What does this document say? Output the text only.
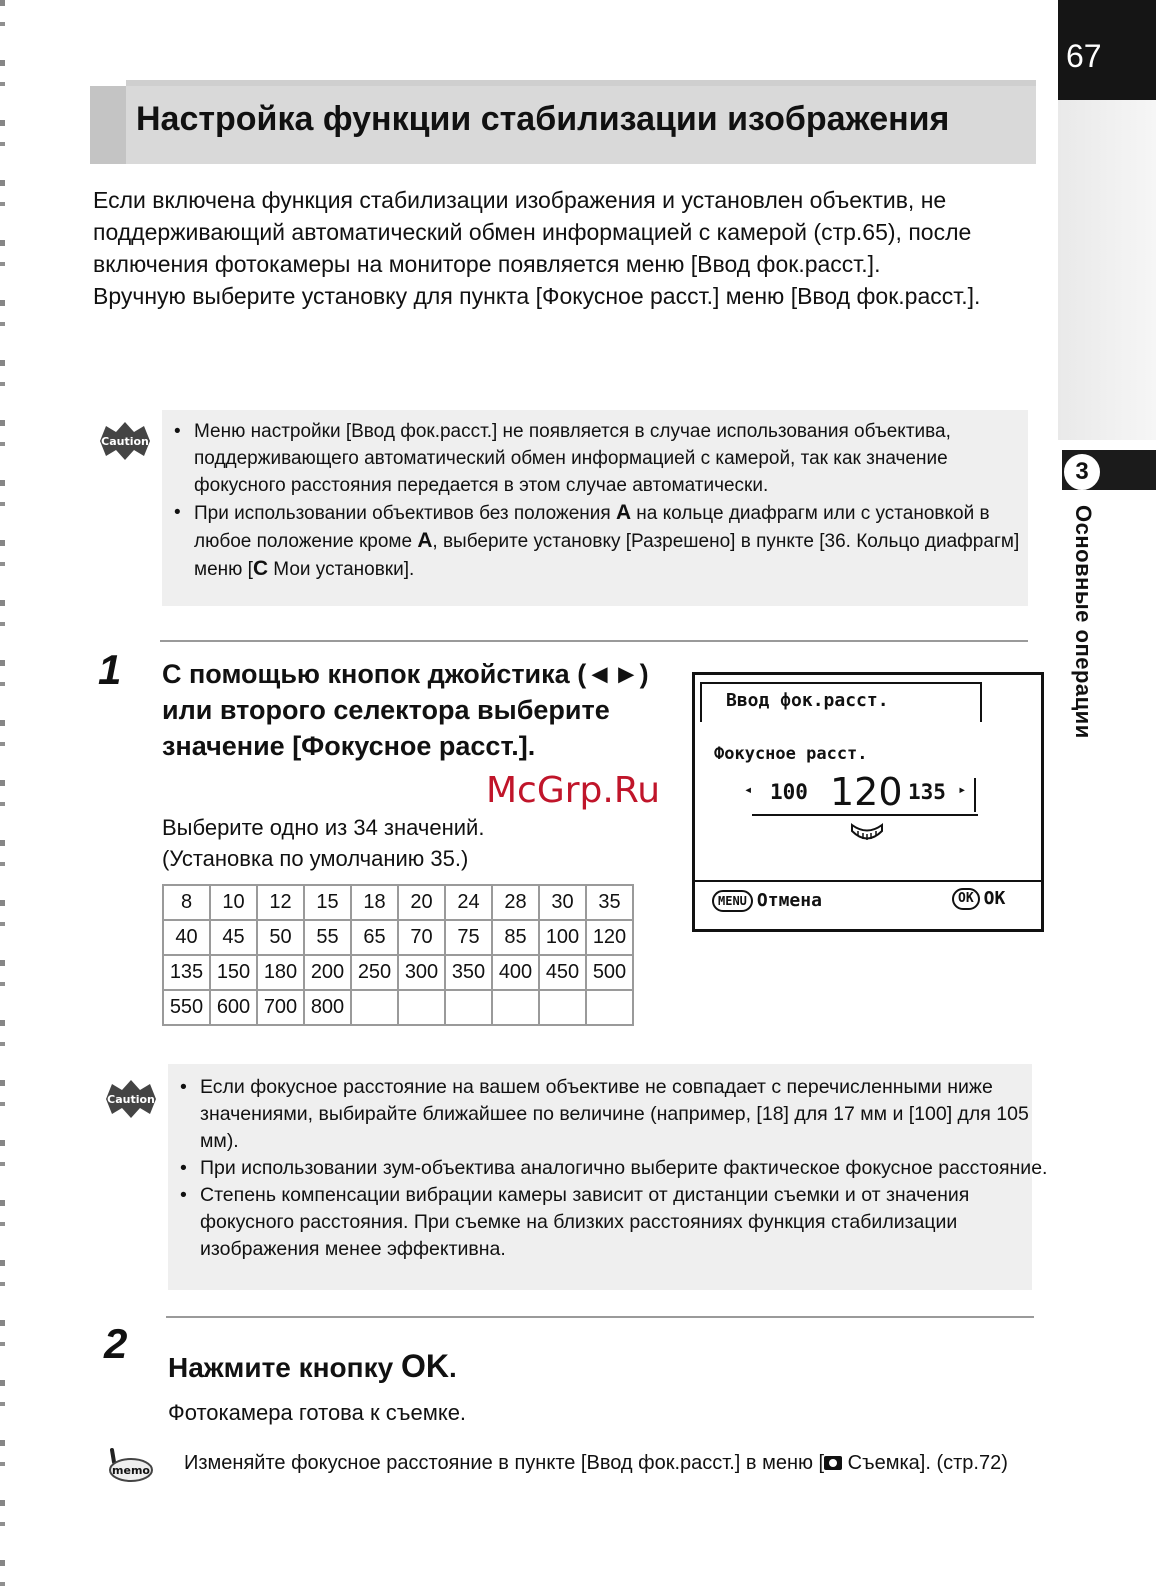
67
3
Основные операции
Настройка функции стабилизации изображения

Если включена функция стабилизации изображения и установлен объектив, не поддерживающий автоматический обмен информацией с камерой (стр.65), после включения фотокамеры на мониторе появляется меню [Ввод фок.расст.].

Вручную выберите установку для пункта [Фокусное расст.] меню [Ввод фок.расст.].

Caution	• Меню настройки [Ввод фок.расст.] не появляется в случае использования объектива, поддерживающего автоматический обмен информацией с камерой, так как значение фокусного расстояния передается в этом случае автоматически.
• При использовании объективов без положения A на кольце диафрагм или с установкой в любое положение кроме A, выберите установку [Разрешено] в пункте [36. Кольцо диафрагм] меню [C Мои установки].
1 С помощью кнопок джойстика (◄►) или второго селектора выберите значение [Фокусное расст.].
Выберите одно из 34 значений.
(Установка по умолчанию 35.)
8	10	12	15	18	20	24	28	30	35
40	45	50	55	65	70	75	85	100	120
135	150	180	200	250	300	350	400	450	500
550	600	700	800						
Ввод фок.расст.
Фокусное расст.
◂ 100 120 135 ▸
MENU Отмена	OK OK
McGrp.Ru
Caution
• Если фокусное расстояние на вашем объективе не совпадает с перечисленными ниже значениями, выбирайте ближайшее по величине (например, [18] для 17 мм и [100] для 105 мм).
• При использовании зум-объектива аналогично выберите фактическое фокусное расстояние.
• Степень компенсации вибрации камеры зависит от дистанции съемки и от значения фокусного расстояния. При съемке на близких расстояниях функция стабилизации изображения менее эффективна.
2
Нажмите кнопку OK.
Фотокамера готова к съемке.
memo Изменяйте фокусное расстояние в пункте [Ввод фок.расст.] в меню [
Съемка]. (стр.72)
